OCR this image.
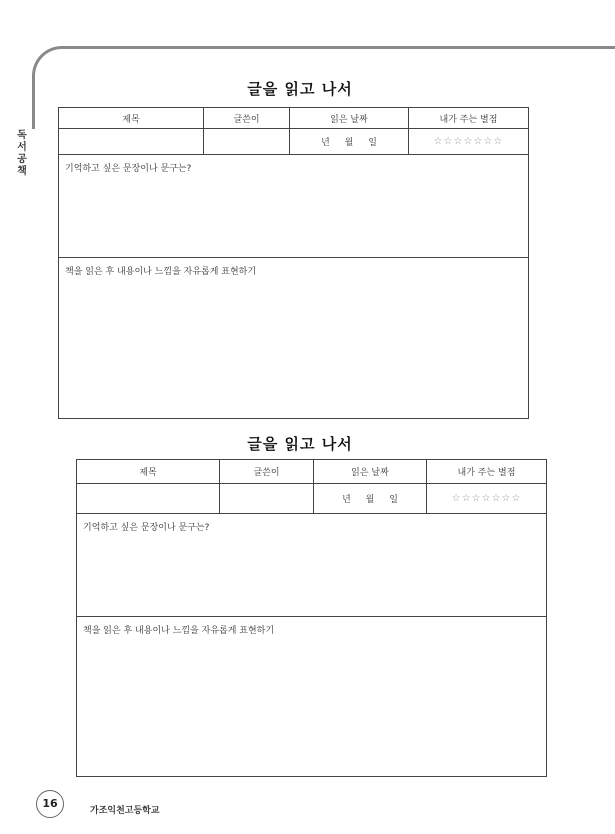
독서공책
글을 읽고 나서
제목	글쓴이	읽은 날짜	내가 주는 별점
		년 월 일	☆☆☆☆☆☆☆
기억하고 싶은 문장이나 문구는?			
책을 읽은 후 내용이나 느낌을 자유롭게 표현하기			
글을 읽고 나서
제목	글쓴이	읽은 날짜	내가 주는 별점
		년 월 일	☆☆☆☆☆☆☆
기억하고 싶은 문장이나 문구는?			
책을 읽은 후 내용이나 느낌을 자유롭게 표현하기			
16
가조익천고등학교
